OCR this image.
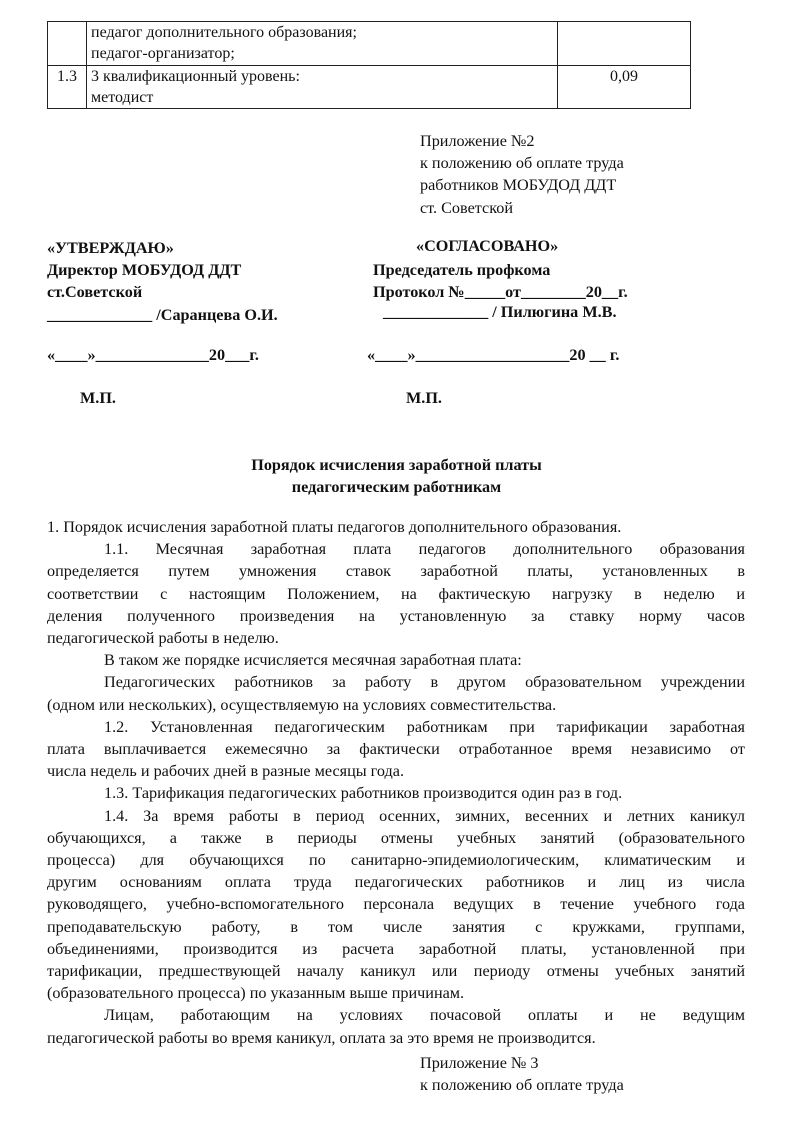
	педагог дополнительного образования;
педагог-организатор;	

1.3	3 квалификационный уровень:
методист	0,09
Приложение №2
к положению об оплате труда
работников МОБУДОД ДДТ
ст. Советской
«УТВЕРЖДАЮ»
Директор МОБУДОД ДДТ
ст.Советской
_____________ /Саранцева О.И.
«____»______________20___г.
М.П.
«СОГЛАСОВАНО»
Председатель профкома
Протокол №_____от________20__г.
_____________ / Пилюгина М.В.
«____»___________________20 __ г.
М.П.
Порядок исчисления заработной платы
педагогическим работникам
1. Порядок исчисления заработной платы педагогов дополнительного образования.
1.1. Месячная заработная плата педагогов дополнительного образования
определяется путем умножения ставок заработной платы, установленных в
соответствии с настоящим Положением, на фактическую нагрузку в неделю и
деления полученного произведения на установленную за ставку норму часов
педагогической работы в неделю.
В таком же порядке исчисляется месячная заработная плата:
Педагогических работников за работу в другом образовательном учреждении
(одном или нескольких), осуществляемую на условиях совместительства.
1.2. Установленная педагогическим работникам при тарификации заработная
плата выплачивается ежемесячно за фактически отработанное время независимо от
числа недель и рабочих дней в разные месяцы года.
1.3. Тарификация педагогических работников производится один раз в год.
1.4. За время работы в период осенних, зимних, весенних и летних каникул
обучающихся, а также в периоды отмены учебных занятий (образовательного
процесса) для обучающихся по санитарно-эпидемиологическим, климатическим и
другим основаниям оплата труда педагогических работников и лиц из числа
руководящего, учебно-вспомогательного персонала ведущих в течение учебного года
преподавательскую работу, в том числе занятия с кружками, группами,
объединениями, производится из расчета заработной платы, установленной при
тарификации, предшествующей началу каникул или периоду отмены учебных занятий
(образовательного процесса) по указанным выше причинам.
Лицам, работающим на условиях почасовой оплаты и не ведущим
педагогической работы во время каникул, оплата за это время не производится.
Приложение № 3
к положению об оплате труда
